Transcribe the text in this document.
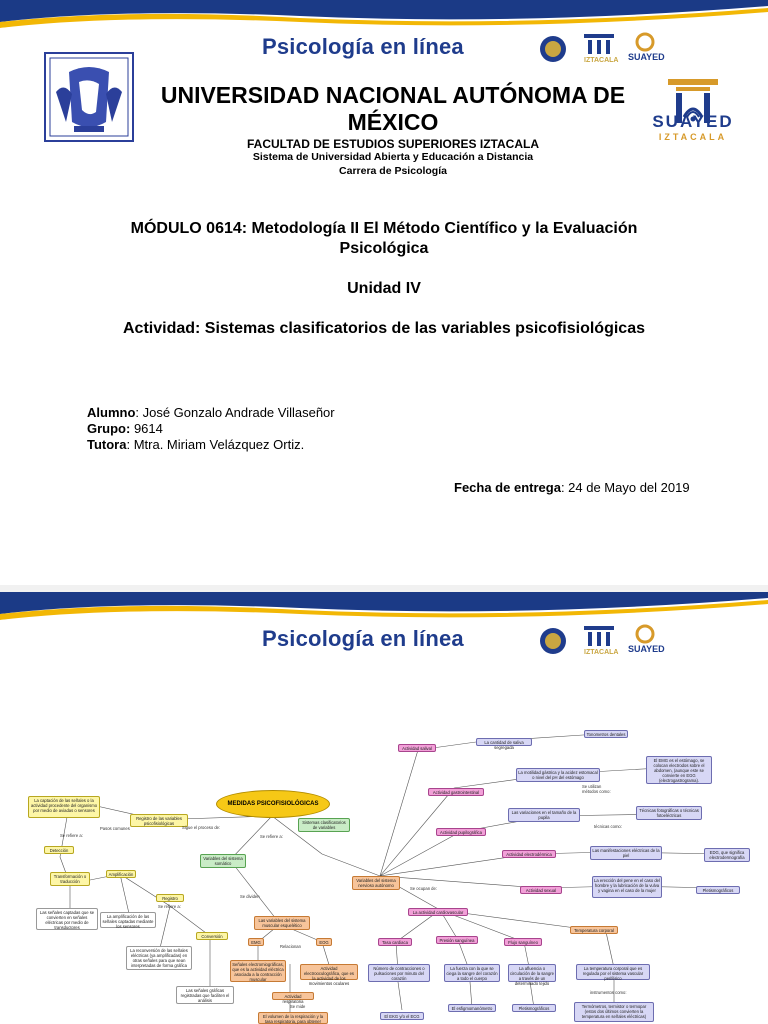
Psicología en línea
IZTACALA SUAYED
SUAYED
IZTACALA
UNIVERSIDAD NACIONAL AUTÓNOMA DE MÉXICO
FACULTAD DE ESTUDIOS SUPERIORES IZTACALA
Sistema de Universidad Abierta y Educación a Distancia
Carrera de Psicología
MÓDULO 0614: Metodología II El Método Científico y la Evaluación Psicológica
Unidad IV
Actividad: Sistemas clasificatorios de las variables psicofisiológicas
Alumno: José Gonzalo Andrade Villaseñor
Grupo: 9614
Tutora: Mtra. Miriam Velázquez Ortiz.
Fecha de entrega: 24 de Mayo del 2019
Psicología en línea
IZTACALA SUAYED
MEDIDAS PSICOFISIOLÓGICAS
La captación de las señales o la actividad procedente del organismo por medio de aviadas o sensores
Detección
Registro de las variables psicofisiológicas
Transformación o traducción
Amplificación
Las señales captadas que se convierten en señales eléctricas por medio de transductores
La amplificación de las señales captadas mediante los sensores
Registro
Conversión
La reconversión de las señales eléctricas (ya amplificadas) en otras señales para que sean interpretadas de forma gráfica
Las señales gráficas registradas que faciliten el análisis
Variables del sistema somático
Sistemas clasificatorios de variables
Variables del sistema nervioso autónomo
Las variables del sistema muscular esquelético
EMG	EOG
Señales electromiográficas, que es la actividad eléctrica asociada a la contracción muscular
Actividad electrooculográfica, que es la actividad de los movimientos oculares
Actividad respiratoria
El volumen de la respiración y la tasa respiratoria, para obtener
Actividad salival
La cantidad de saliva segregada
Tonometros dentales
Actividad gastrointestinal
La motilidad gástrica y la acidez estomacal o nivel del pH del estómago
El EMG es el estómago, se colocan electrodos sobre el abdomen, (aunque este se convierte en EGG (electrogastrograma).
Actividad pupilográfica
Las variaciones en el tamaño de la pupila
Técnicas fotográficas o técnicas fotoeléctricas
Actividad electrodérmica
Las manifestaciones eléctricas de la piel
EDG, que significa electrodermografía
Actividad sexual
La erección del pene en el caso del hombre y la lubricación de la vulva y vagina en el caso de la mujer	Pletismográficos
La actividad cardiovascular
Tasa cardiaca	Presión sanguínea	Flujo sanguíneo
Temperatura corporal
Número de contracciones o pulsaciones por minuto del corazón
La fuerza con la que se ciega la sangre del corazón a todo el cuerpo
La afluencia o circulación de la sangre a través de un determinado tejido
La temperatura corporal que es regulada por el sistema vascular periférico
El EKG y/o el ECG
El esfigmomanómetro	Pletismográficos	Termómetros, termistor o termopar (estos dos últimos convierten la temperatura en señales eléctricas)
Se refiere a:
Pasos comunes	Sigue el proceso de:
Se refiere a:
Se dividen
Se refiere a:
Relacionan
Se mide
Se utilizan
métodos como:
técnicas como:
Se ocupan de:
instrumentos como:
